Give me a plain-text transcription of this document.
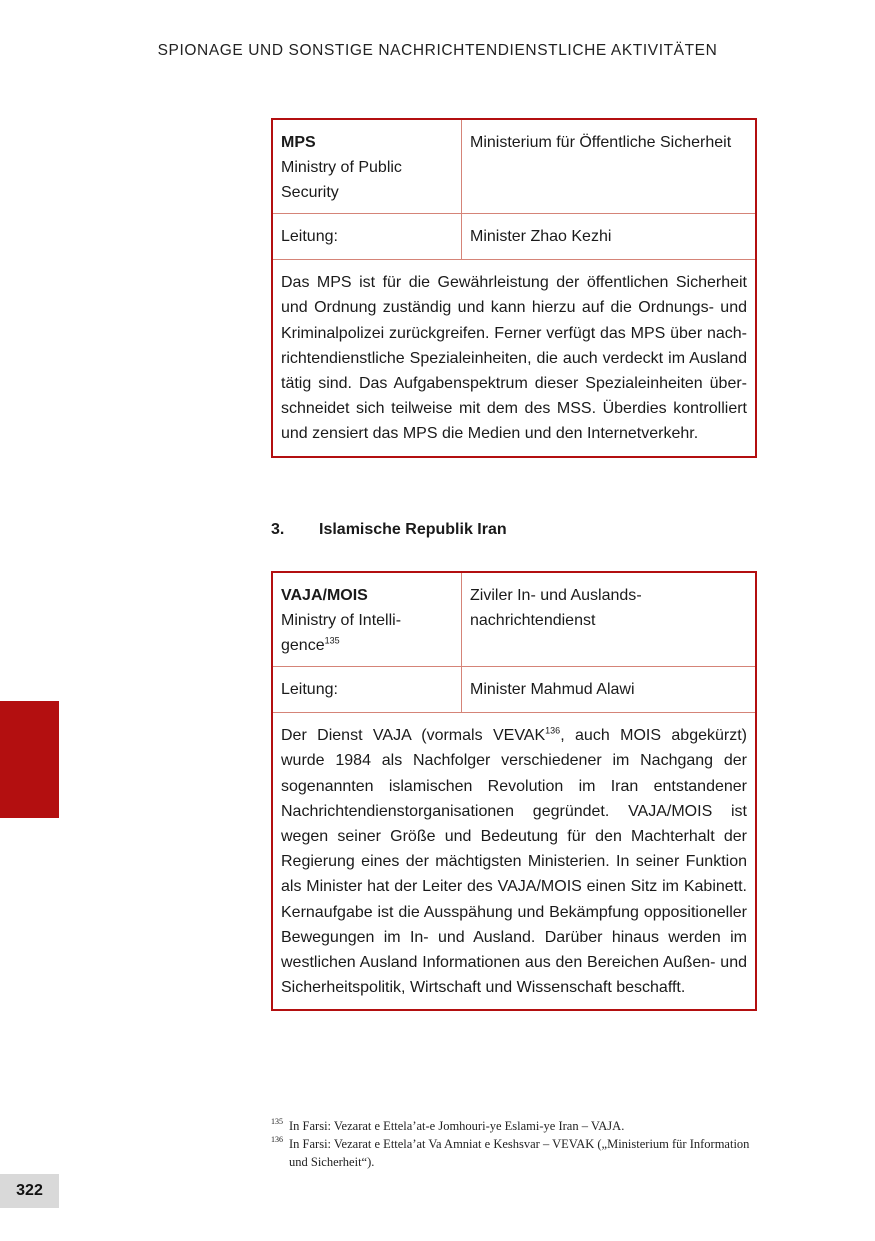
SPIONAGE UND SONSTIGE NACHRICHTENDIENSTLICHE AKTIVITÄTEN
MPS
Ministry of Public Security
Ministerium für Öffentliche Sicherheit
Leitung:	Minister Zhao Kezhi
Das MPS ist für die Gewährleistung der öffentlichen Sicherheit und Ordnung zuständig und kann hierzu auf die Ordnungs- und Kriminalpolizei zurückgreifen. Ferner verfügt das MPS über nachrichtendienstliche Spezialeinheiten, die auch verdeckt im Ausland tätig sind. Das Aufgabenspektrum dieser Spezialeinheiten überschneidet sich teilweise mit dem des MSS. Überdies kontrolliert und zensiert das MPS die Medien und den Internetverkehr.
3. Islamische Republik Iran
VAJA/MOIS
Ministry of Intelligence$^{135}$
Ziviler In- und Auslandsnachrichtendienst
Leitung:	Minister Mahmud Alawi
Der Dienst VAJA (vormals VEVAK$^{136}$, auch MOIS abgekürzt) wurde 1984 als Nachfolger verschiedener im Nachgang der sogenannten islamischen Revolution im Iran entstandener Nachrichtendienstorganisationen gegründet. VAJA/MOIS ist wegen seiner Größe und Bedeutung für den Machterhalt der Regierung eines der mächtigsten Ministerien. In seiner Funktion als Minister hat der Leiter des VAJA/MOIS einen Sitz im Kabinett. Kernaufgabe ist die Ausspähung und Bekämpfung oppositioneller Bewegungen im In- und Ausland. Darüber hinaus werden im westlichen Ausland Informationen aus den Bereichen Außen- und Sicherheitspolitik, Wirtschaft und Wissenschaft beschafft.
135 In Farsi: Vezarat e Ettela’at-e Jomhouri-ye Eslami-ye Iran – VAJA.
136 In Farsi: Vezarat e Ettela’at Va Amniat e Keshsvar – VEVAK („Ministerium für Information und Sicherheit“).
322
